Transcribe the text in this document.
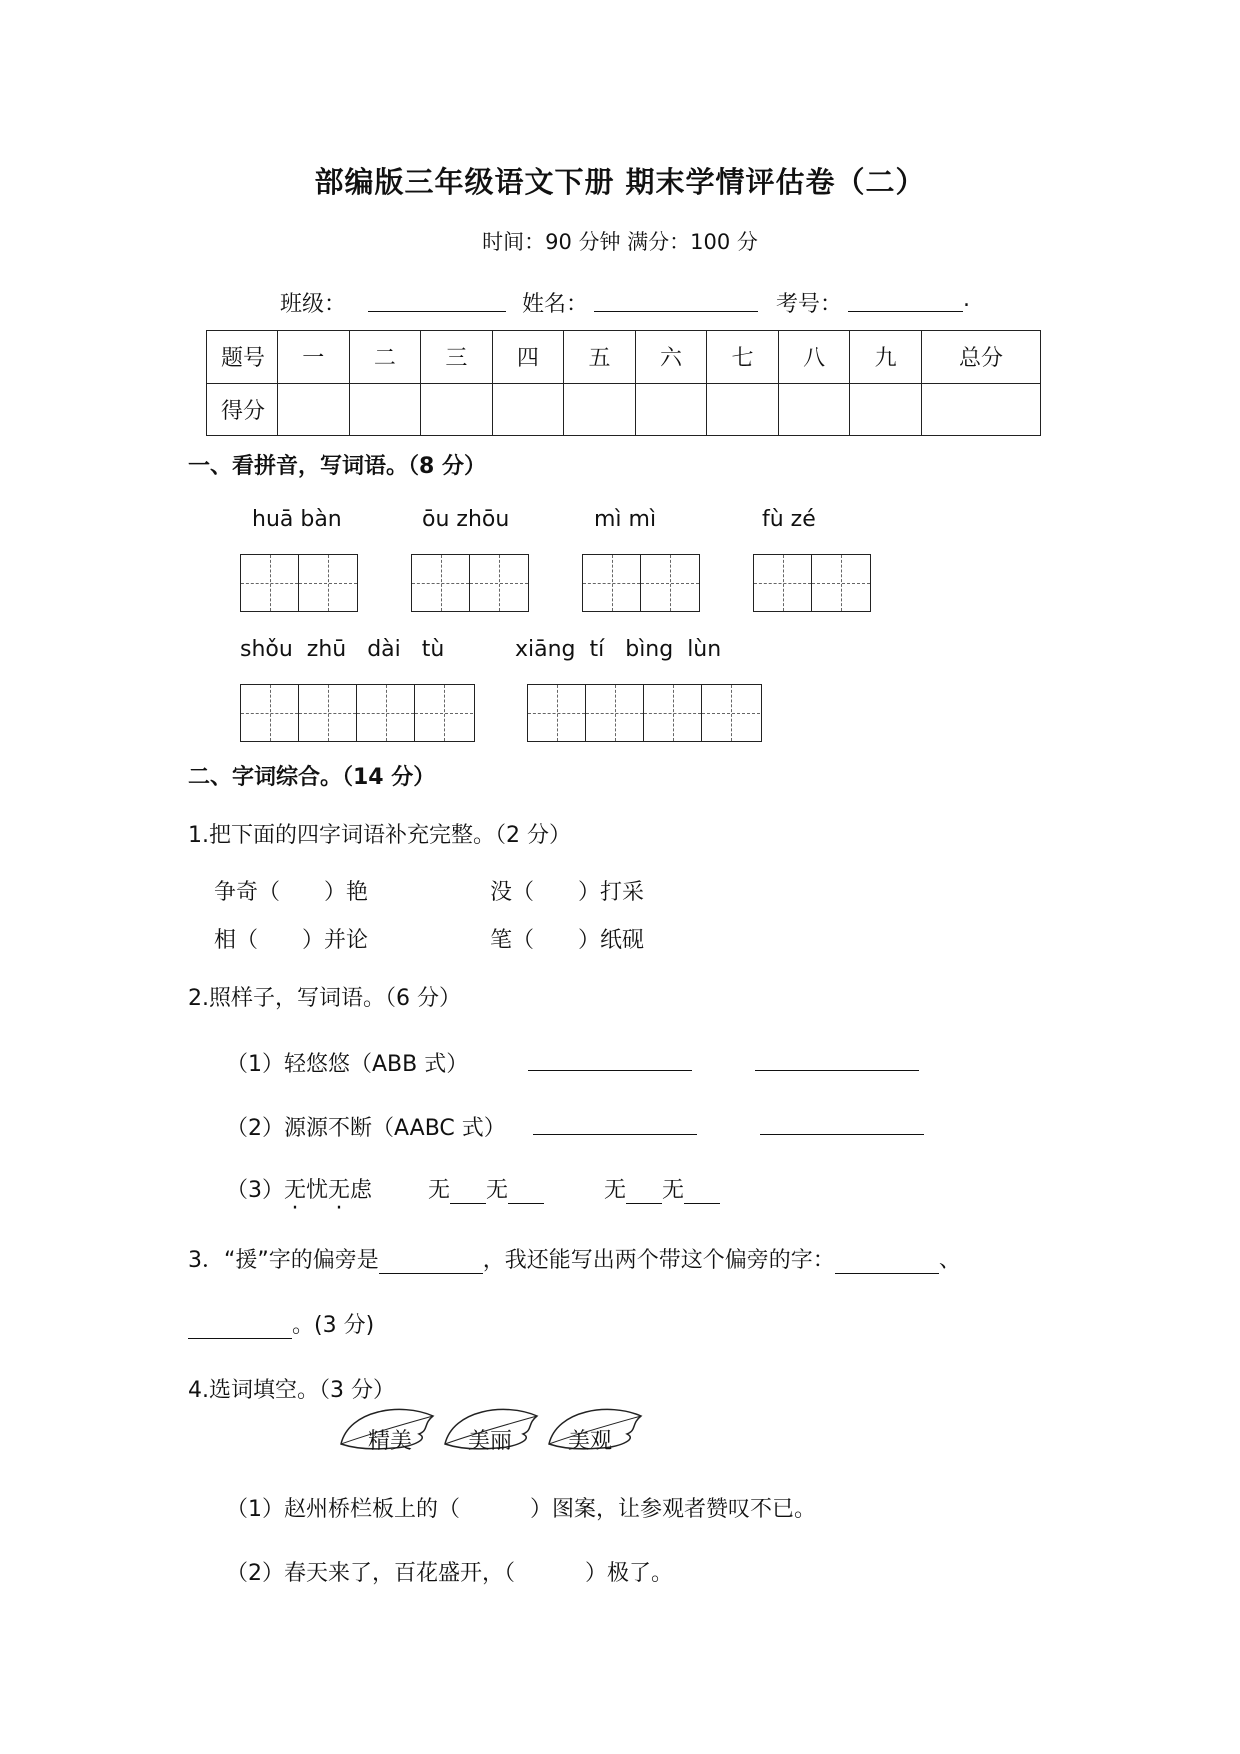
部编版三年级语文下册 期末学情评估卷（二）
时间：90 分钟 满分：100 分
班级：	姓名：	考号：	.
题号	一	二	三	四	五	六	七	八	九	总分
得分										
一、看拼音，写词语。（8 分）
huā bàn	ōu zhōu	mì mì	fù zé
shǒu  zhū   dài   tù	xiāng  tí   bìng  lùn
二、字词综合。（14 分）
1.把下面的四字词语补充完整。（2 分）
争奇（　　）艳	没（　　）打采
相（　　）并论	笔（　　）纸砚
2.照样子，写词语。（6 分）
（1）轻悠悠（ABB 式）
（2）源源不断（AABC 式）
（3）无忧无虑	无 无	无 无
3．“援”字的偏旁是	，我还能写出两个带这个偏旁的字：	、
。(3 分)
4.选词填空。（3 分）
精美	美丽	美观
（1）赵州桥栏板上的（	）图案，让参观者赞叹不已。
（2）春天来了，百花盛开，（	）极了。
